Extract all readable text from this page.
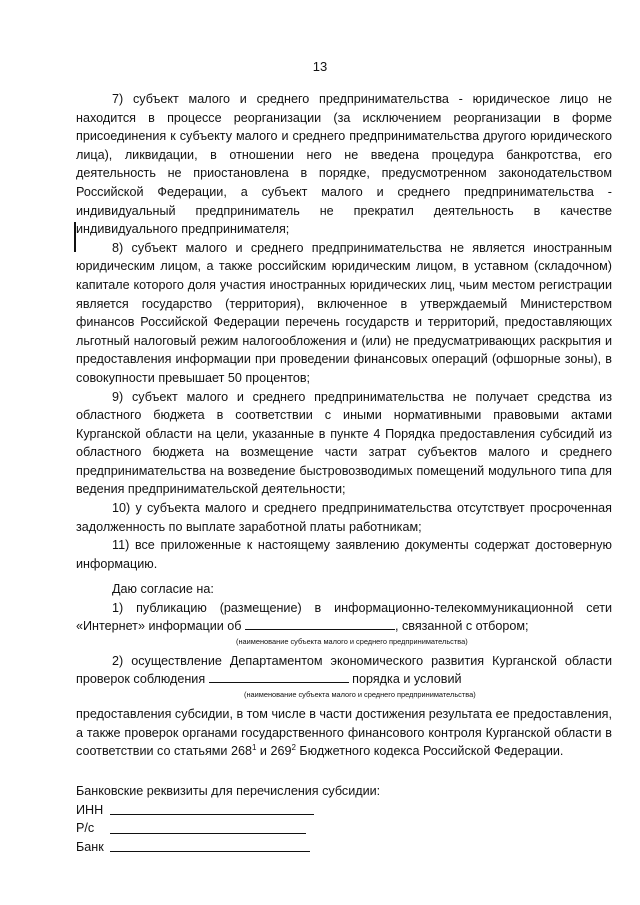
13

7) субъект малого и среднего предпринимательства - юридическое лицо не находится в процессе реорганизации (за исключением реорганизации в форме присоединения к субъекту малого и среднего предпринимательства другого юридического лица), ликвидации, в отношении него не введена процедура банкротства, его деятельность не приостановлена в порядке, предусмотренном законодательством Российской Федерации, а субъект малого и среднего предпринимательства - индивидуальный предприниматель не прекратил деятельность в качестве индивидуального предпринимателя;

8) субъект малого и среднего предпринимательства не является иностранным юридическим лицом, а также российским юридическим лицом, в уставном (складочном) капитале которого доля участия иностранных юридических лиц, чьим местом регистрации является государство (территория), включенное в утверждаемый Министерством финансов Российской Федерации перечень государств и территорий, предоставляющих льготный налоговый режим налогообложения и (или) не предусматривающих раскрытия и предоставления информации при проведении финансовых операций (офшорные зоны), в совокупности превышает 50 процентов;

9) субъект малого и среднего предпринимательства не получает средства из областного бюджета в соответствии с иными нормативными правовыми актами Курганской области на цели, указанные в пункте 4 Порядка предоставления субсидий из областного бюджета на возмещение части затрат субъектов малого и среднего предпринимательства на возведение быстровозводимых помещений модульного типа для ведения предпринимательской деятельности;

10) у субъекта малого и среднего предпринимательства отсутствует просроченная задолженность по выплате заработной платы работникам;

11) все приложенные к настоящему заявлению документы содержат достоверную информацию.

Даю согласие на:

1) публикацию (размещение) в информационно-телекоммуникационной сети «Интернет» информации об	, связанной с отбором;

(наименование субъекта малого и среднего предпринимательства)

2) осуществление Департаментом экономического развития Курганской области проверок соблюдения	порядка и условий

(наименование субъекта малого и среднего предпринимательства)

предоставления субсидии, в том числе в части достижения результата ее предоставления, а также проверок органами государственного финансового контроля Курганской области в соответствии со статьями $268^1$ и $269^2$ Бюджетного кодекса Российской Федерации.

Банковские реквизиты для перечисления субсидии:

ИНН
Р/с
Банк
